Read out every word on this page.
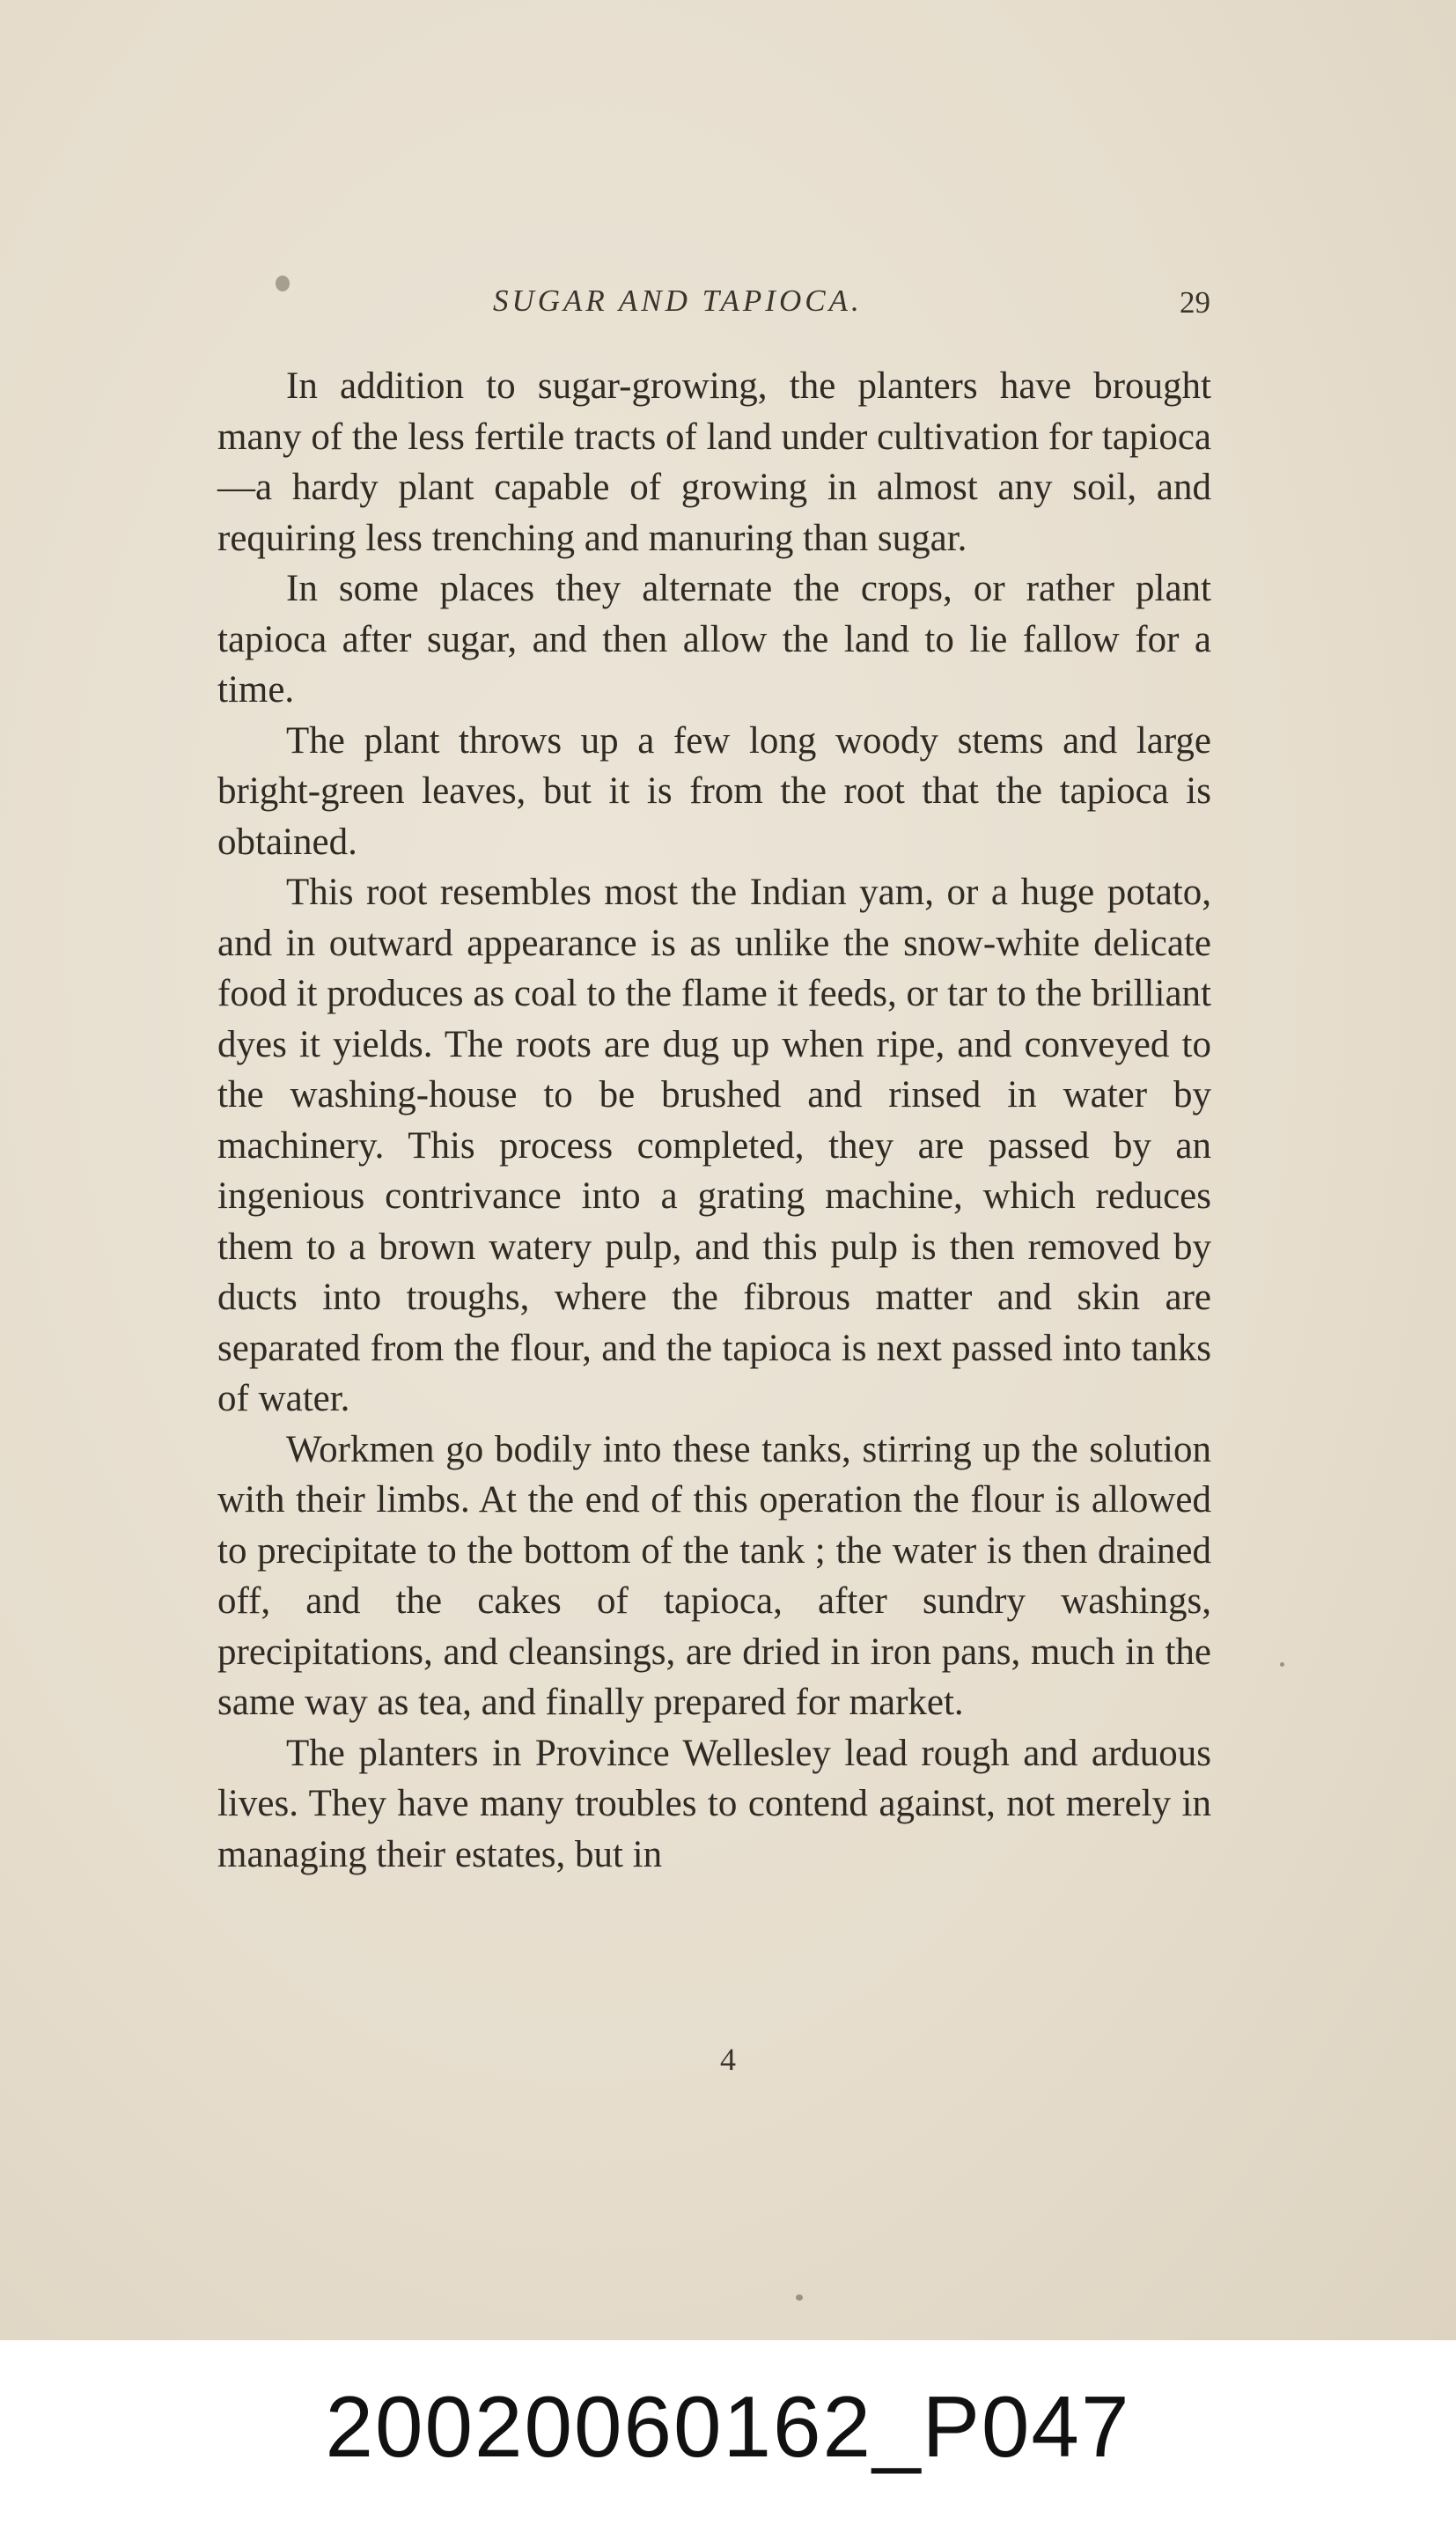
SUGAR AND TAPIOCA.	29

In addition to sugar-growing, the planters have brought many of the less fertile tracts of land under cultivation for tapioca—a hardy plant capable of growing in almost any soil, and requiring less trenching and manuring than sugar.

In some places they alternate the crops, or rather plant tapioca after sugar, and then allow the land to lie fallow for a time.

The plant throws up a few long woody stems and large bright-green leaves, but it is from the root that the tapioca is obtained.

This root resembles most the Indian yam, or a huge potato, and in outward appearance is as unlike the snow-white delicate food it produces as coal to the flame it feeds, or tar to the brilliant dyes it yields. The roots are dug up when ripe, and conveyed to the washing-house to be brushed and rinsed in water by machinery. This process completed, they are passed by an ingenious contrivance into a grating machine, which reduces them to a brown watery pulp, and this pulp is then removed by ducts into troughs, where the fibrous matter and skin are separated from the flour, and the tapioca is next passed into tanks of water.

Workmen go bodily into these tanks, stirring up the solution with their limbs. At the end of this operation the flour is allowed to precipitate to the bottom of the tank ; the water is then drained off, and the cakes of tapioca, after sundry washings, precipitations, and cleansings, are dried in iron pans, much in the same way as tea, and finally prepared for market.

The planters in Province Wellesley lead rough and arduous lives. They have many troubles to contend against, not merely in managing their estates, but in

4
20020060162_P047
